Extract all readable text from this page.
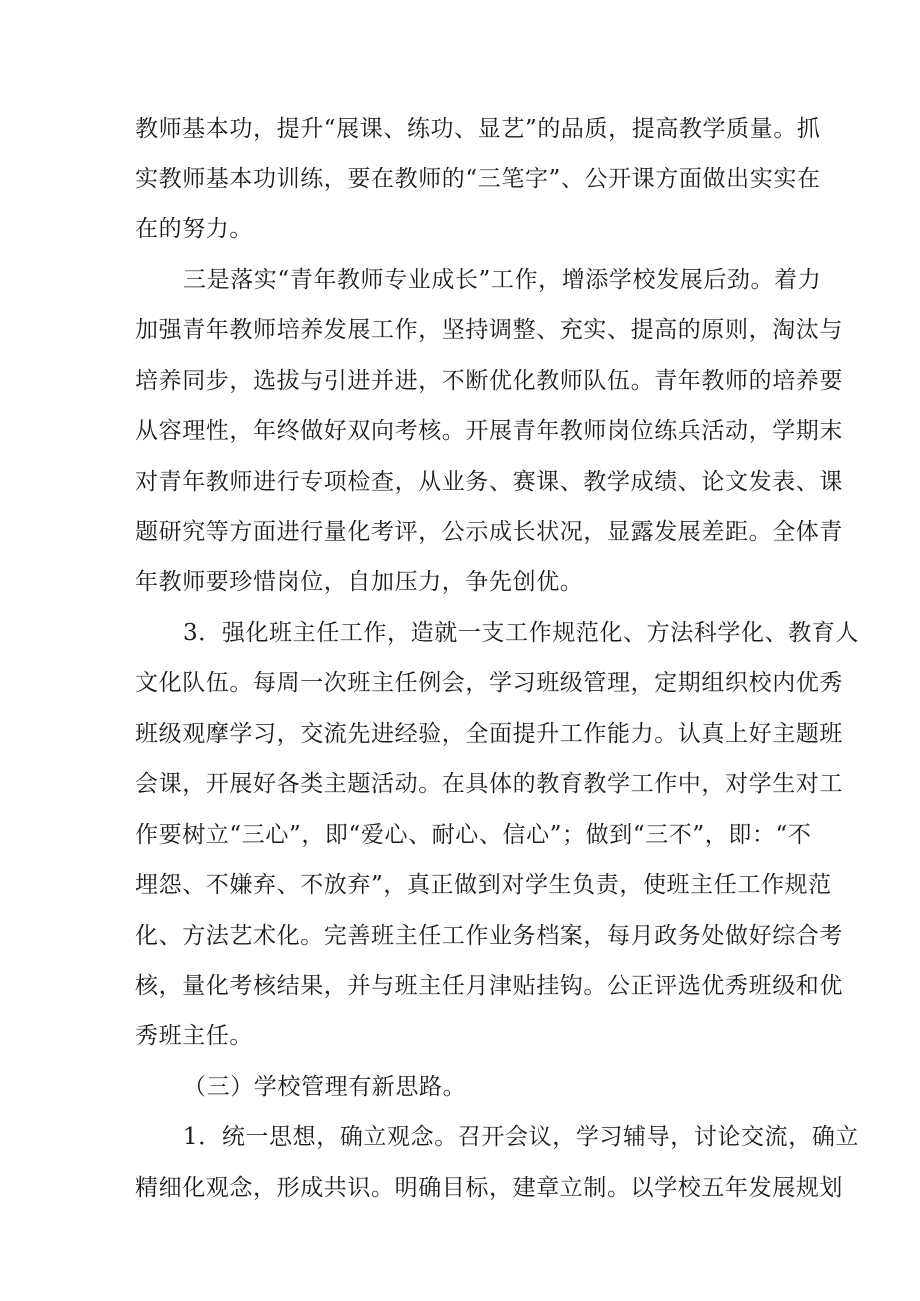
教师基本功，提升“展课、练功、显艺”的品质，提高教学质量。抓
实教师基本功训练，要在教师的“三笔字”、公开课方面做出实实在
在的努力。
三是落实“青年教师专业成长”工作，增添学校发展后劲。着力
加强青年教师培养发展工作，坚持调整、充实、提高的原则，淘汰与
培养同步，选拔与引进并进，不断优化教师队伍。青年教师的培养要
从容理性，年终做好双向考核。开展青年教师岗位练兵活动，学期末
对青年教师进行专项检查，从业务、赛课、教学成绩、论文发表、课
题研究等方面进行量化考评，公示成长状况，显露发展差距。全体青
年教师要珍惜岗位，自加压力，争先创优。
3．强化班主任工作，造就一支工作规范化、方法科学化、教育人
文化队伍。每周一次班主任例会，学习班级管理，定期组织校内优秀
班级观摩学习，交流先进经验，全面提升工作能力。认真上好主题班
会课，开展好各类主题活动。在具体的教育教学工作中，对学生对工
作要树立“三心”，即“爱心、耐心、信心”；做到“三不”，即：“不
埋怨、不嫌弃、不放弃”，真正做到对学生负责，使班主任工作规范
化、方法艺术化。完善班主任工作业务档案，每月政务处做好综合考
核，量化考核结果，并与班主任月津贴挂钩。公正评选优秀班级和优
秀班主任。
（三）学校管理有新思路。
1．统一思想，确立观念。召开会议，学习辅导，讨论交流，确立
精细化观念，形成共识。明确目标，建章立制。以学校五年发展规划
